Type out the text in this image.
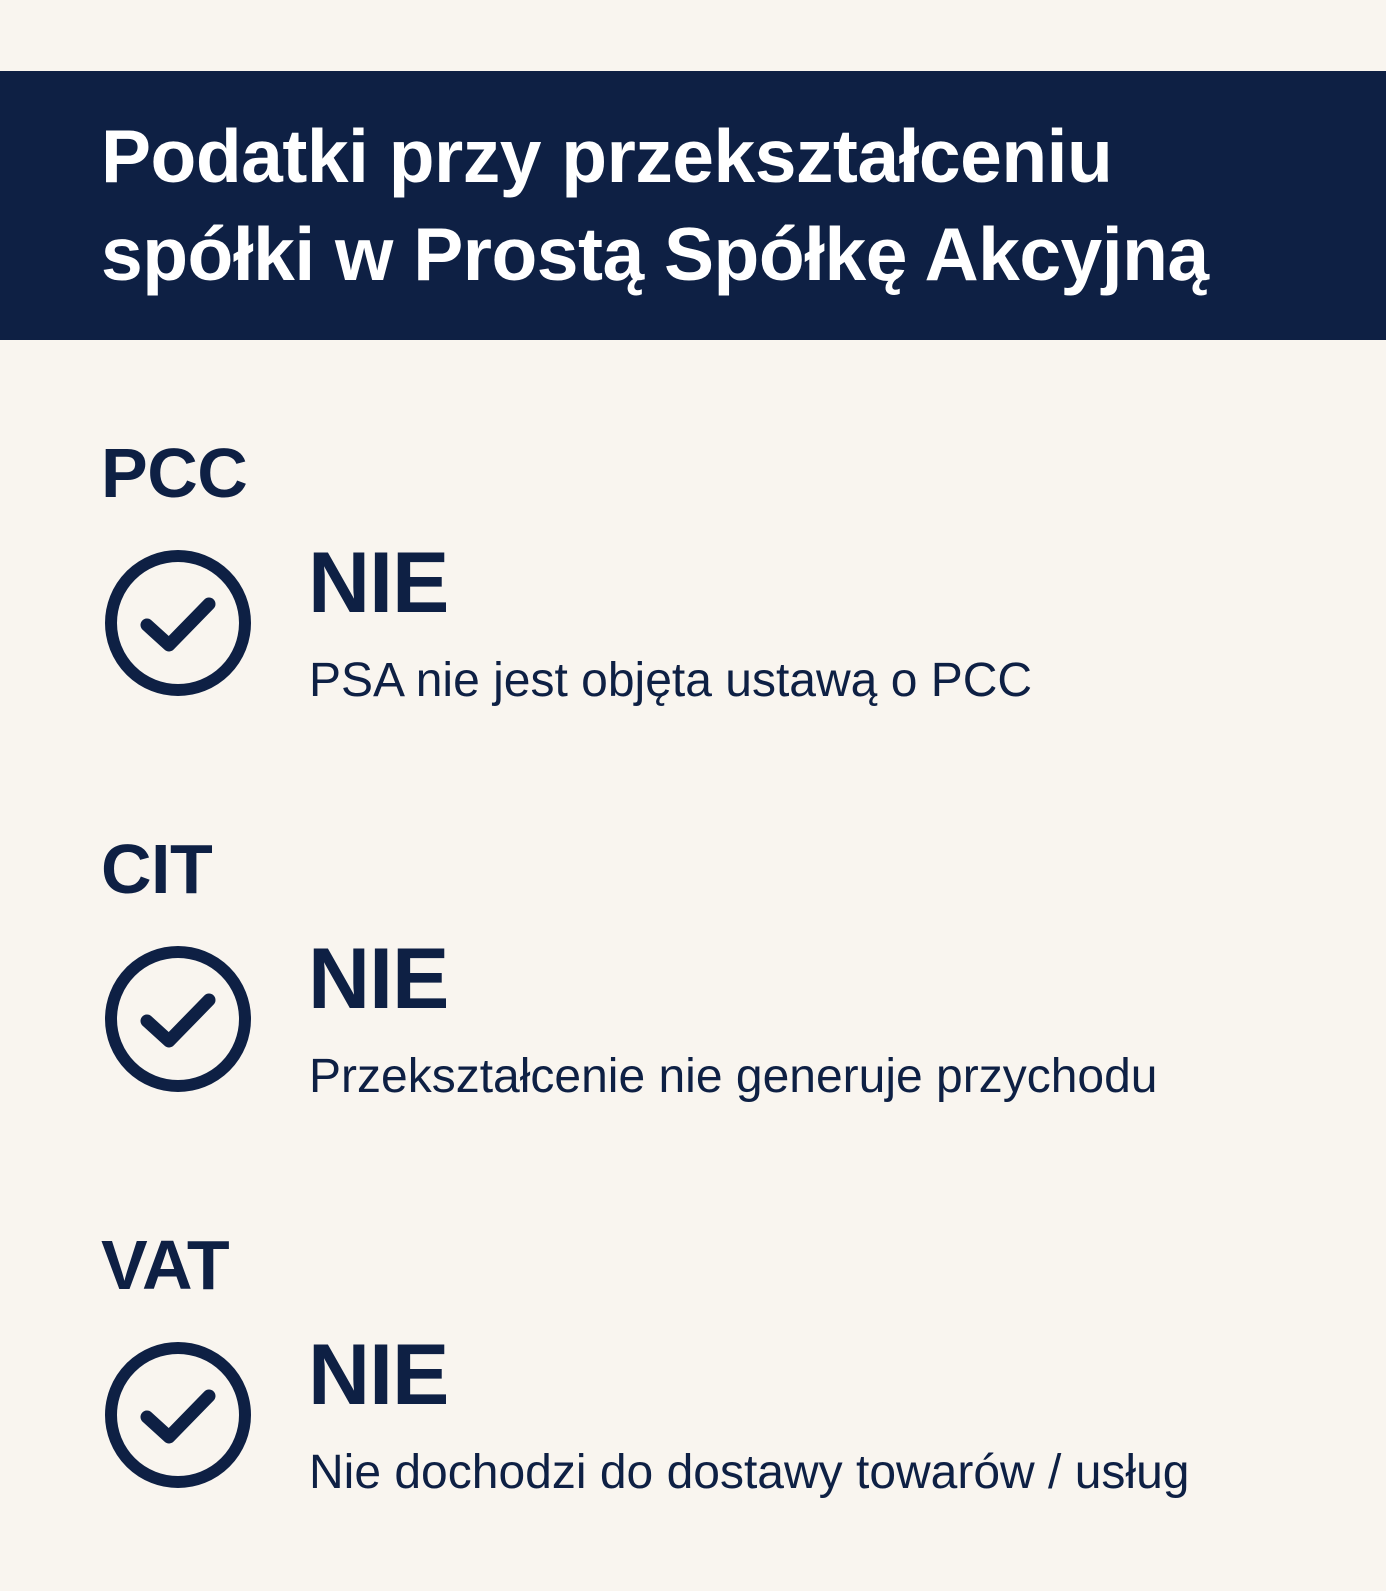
Podatki przy przekształceniu spółki w Prostą Spółkę Akcyjną
PCC
NIE
PSA nie jest objęta ustawą o PCC
CIT
NIE
Przekształcenie nie generuje przychodu
VAT
NIE
Nie dochodzi do dostawy towarów / usług
